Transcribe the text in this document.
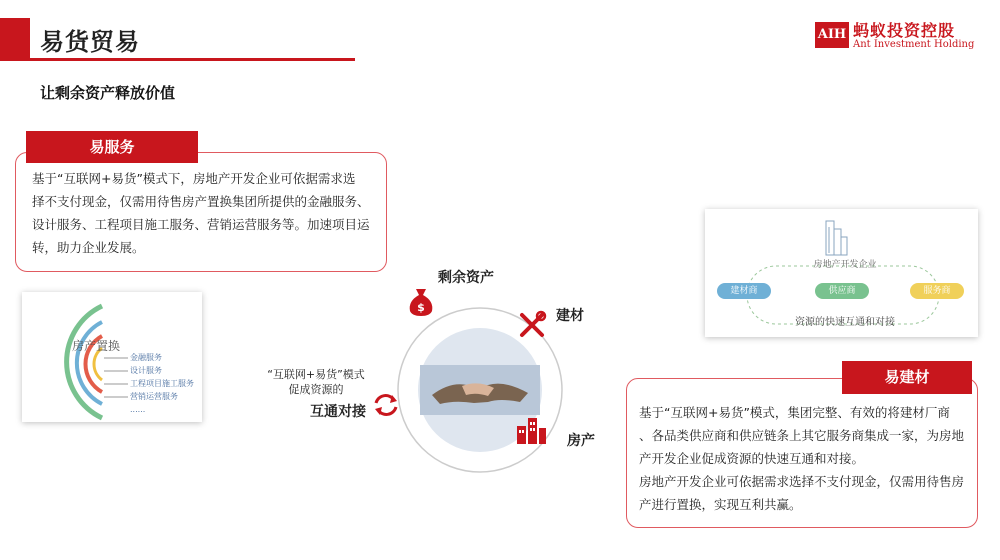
易货贸易	AIH 蚂蚁投资控股
Ant Investment Holding
让剩余资产释放价值
基于“互联网+易货”模式下，房地产开发企业可依据需求选
择不支付现金，仅需用待售房产置换集团所提供的金融服务、
设计服务、工程项目施工服务、营销运营服务等。加速项目运
转，助力企业发展。
易服务
房产置换
金融服务
设计服务
工程项目施工服务
营销运营服务
......
房地产开发企业
建材商	供应商	服务商
资源的快速互通和对接
$
剩余资产
建材
房产
“互联网+易货”模式
促成资源的
互通对接	基于“互联网+易货”模式，集团完整、有效的将建材厂商
、各品类供应商和供应链条上其它服务商集成一家，为房地
产开发企业促成资源的快速互通和对接。
房地产开发企业可依据需求选择不支付现金，仅需用待售房
产进行置换，实现互利共赢。
易建材
